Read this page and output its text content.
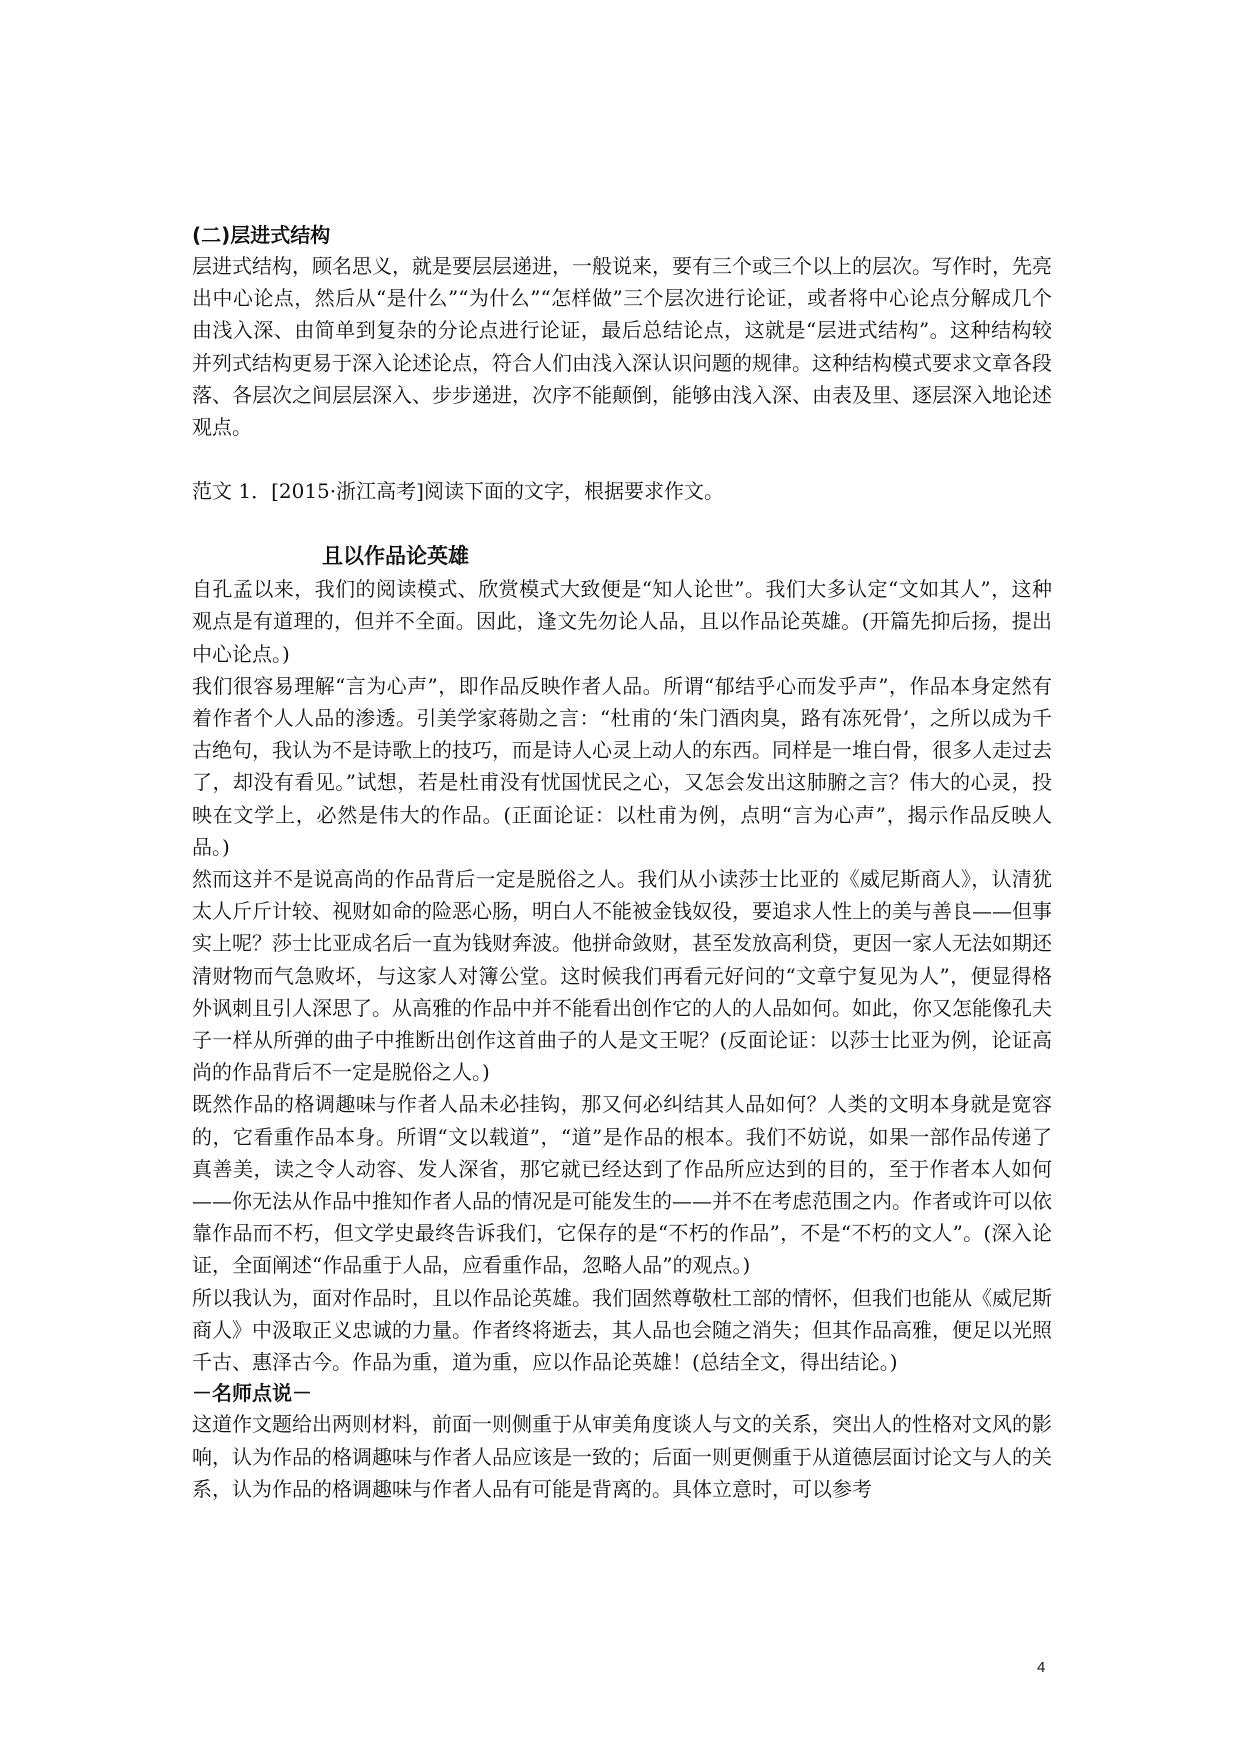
(二)层进式结构

层进式结构，顾名思义，就是要层层递进，一般说来，要有三个或三个以上的层次。写作时，先亮出中心论点，然后从“是什么”“为什么”“怎样做”三个层次进行论证，或者将中心论点分解成几个由浅入深、由简单到复杂的分论点进行论证，最后总结论点，这就是“层进式结构”。这种结构较并列式结构更易于深入论述论点，符合人们由浅入深认识问题的规律。这种结构模式要求文章各段落、各层次之间层层深入、步步递进，次序不能颠倒，能够由浅入深、由表及里、逐层深入地论述观点。

范文 1．[2015·浙江高考]阅读下面的文字，根据要求作文。

且以作品论英雄

自孔孟以来，我们的阅读模式、欣赏模式大致便是“知人论世”。我们大多认定“文如其人”，这种观点是有道理的，但并不全面。因此，逢文先勿论人品，且以作品论英雄。(开篇先抑后扬，提出中心论点。)

我们很容易理解“言为心声”，即作品反映作者人品。所谓“郁结乎心而发乎声”，作品本身定然有着作者个人人品的渗透。引美学家蒋勋之言：“杜甫的‘朱门酒肉臭，路有冻死骨’，之所以成为千古绝句，我认为不是诗歌上的技巧，而是诗人心灵上动人的东西。同样是一堆白骨，很多人走过去了，却没有看见。”试想，若是杜甫没有忧国忧民之心，又怎会发出这肺腑之言？伟大的心灵，投映在文学上，必然是伟大的作品。(正面论证：以杜甫为例，点明“言为心声”，揭示作品反映人品。)

然而这并不是说高尚的作品背后一定是脱俗之人。我们从小读莎士比亚的《威尼斯商人》，认清犹太人斤斤计较、视财如命的险恶心肠，明白人不能被金钱奴役，要追求人性上的美与善良——但事实上呢？莎士比亚成名后一直为钱财奔波。他拼命敛财，甚至发放高利贷，更因一家人无法如期还清财物而气急败坏，与这家人对簿公堂。这时候我们再看元好问的“文章宁复见为人”，便显得格外讽刺且引人深思了。从高雅的作品中并不能看出创作它的人的人品如何。如此，你又怎能像孔夫子一样从所弹的曲子中推断出创作这首曲子的人是文王呢？(反面论证：以莎士比亚为例，论证高尚的作品背后不一定是脱俗之人。)

既然作品的格调趣味与作者人品未必挂钩，那又何必纠结其人品如何？人类的文明本身就是宽容的，它看重作品本身。所谓“文以载道”，“道”是作品的根本。我们不妨说，如果一部作品传递了真善美，读之令人动容、发人深省，那它就已经达到了作品所应达到的目的，至于作者本人如何——你无法从作品中推知作者人品的情况是可能发生的——并不在考虑范围之内。作者或许可以依靠作品而不朽，但文学史最终告诉我们，它保存的是“不朽的作品”，不是“不朽的文人”。(深入论证，全面阐述“作品重于人品，应看重作品，忽略人品”的观点。)

所以我认为，面对作品时，且以作品论英雄。我们固然尊敬杜工部的情怀，但我们也能从《威尼斯商人》中汲取正义忠诚的力量。作者终将逝去，其人品也会随之消失；但其作品高雅，便足以光照千古、惠泽古今。作品为重，道为重，应以作品论英雄！(总结全文，得出结论。)

－名师点说－

这道作文题给出两则材料，前面一则侧重于从审美角度谈人与文的关系，突出人的性格对文风的影响，认为作品的格调趣味与作者人品应该是一致的；后面一则更侧重于从道德层面讨论文与人的关系，认为作品的格调趣味与作者人品有可能是背离的。具体立意时，可以参考

4
